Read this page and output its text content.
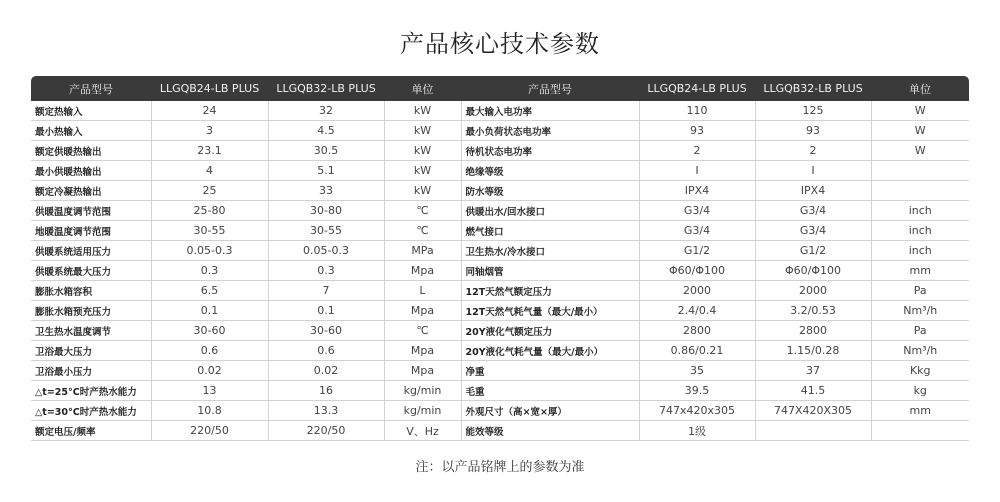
产品核心技术参数
产品型号	LLGQB24-LB PLUS	LLGQB32-LB PLUS	单位	产品型号	LLGQB24-LB PLUS	LLGQB32-LB PLUS	单位
额定热输入	24	32	kW	最大输入电功率	110	125	W
最小热输入	3	4.5	kW	最小负荷状态电功率	93	93	W
额定供暖热输出	23.1	30.5	kW	待机状态电功率	2	2	W
最小供暖热输出	4	5.1	kW	绝缘等级	I	I	
额定冷凝热输出	25	33	kW	防水等级	IPX4	IPX4	
供暖温度调节范围	25-80	30-80	℃	供暖出水/回水接口	G3/4	G3/4	inch
地暖温度调节范围	30-55	30-55	℃	燃气接口	G3/4	G3/4	inch
供暖系统适用压力	0.05-0.3	0.05-0.3	MPa	卫生热水/冷水接口	G1/2	G1/2	inch
供暖系统最大压力	0.3	0.3	Mpa	同轴烟管	Φ60/Φ100	Φ60/Φ100	mm
膨胀水箱容积	6.5	7	L	12T天然气额定压力	2000	2000	Pa
膨胀水箱预充压力	0.1	0.1	Mpa	12T天然气耗气量（最大/最小）	2.4/0.4	3.2/0.53	Nm³/h
卫生热水温度调节	30-60	30-60	℃	20Y液化气额定压力	2800	2800	Pa
卫浴最大压力	0.6	0.6	Mpa	20Y液化气耗气量（最大/最小）	0.86/0.21	1.15/0.28	Nm³/h
卫浴最小压力	0.02	0.02	Mpa	净重	35	37	Kkg
△t=25°C时产热水能力	13	16	kg/min	毛重	39.5	41.5	kg
△t=30°C时产热水能力	10.8	13.3	kg/min	外观尺寸（高×宽×厚）	747x420x305	747X420X305	mm
额定电压/频率	220/50	220/50	V、Hz	能效等级	1级		
注：以产品铭牌上的参数为准
